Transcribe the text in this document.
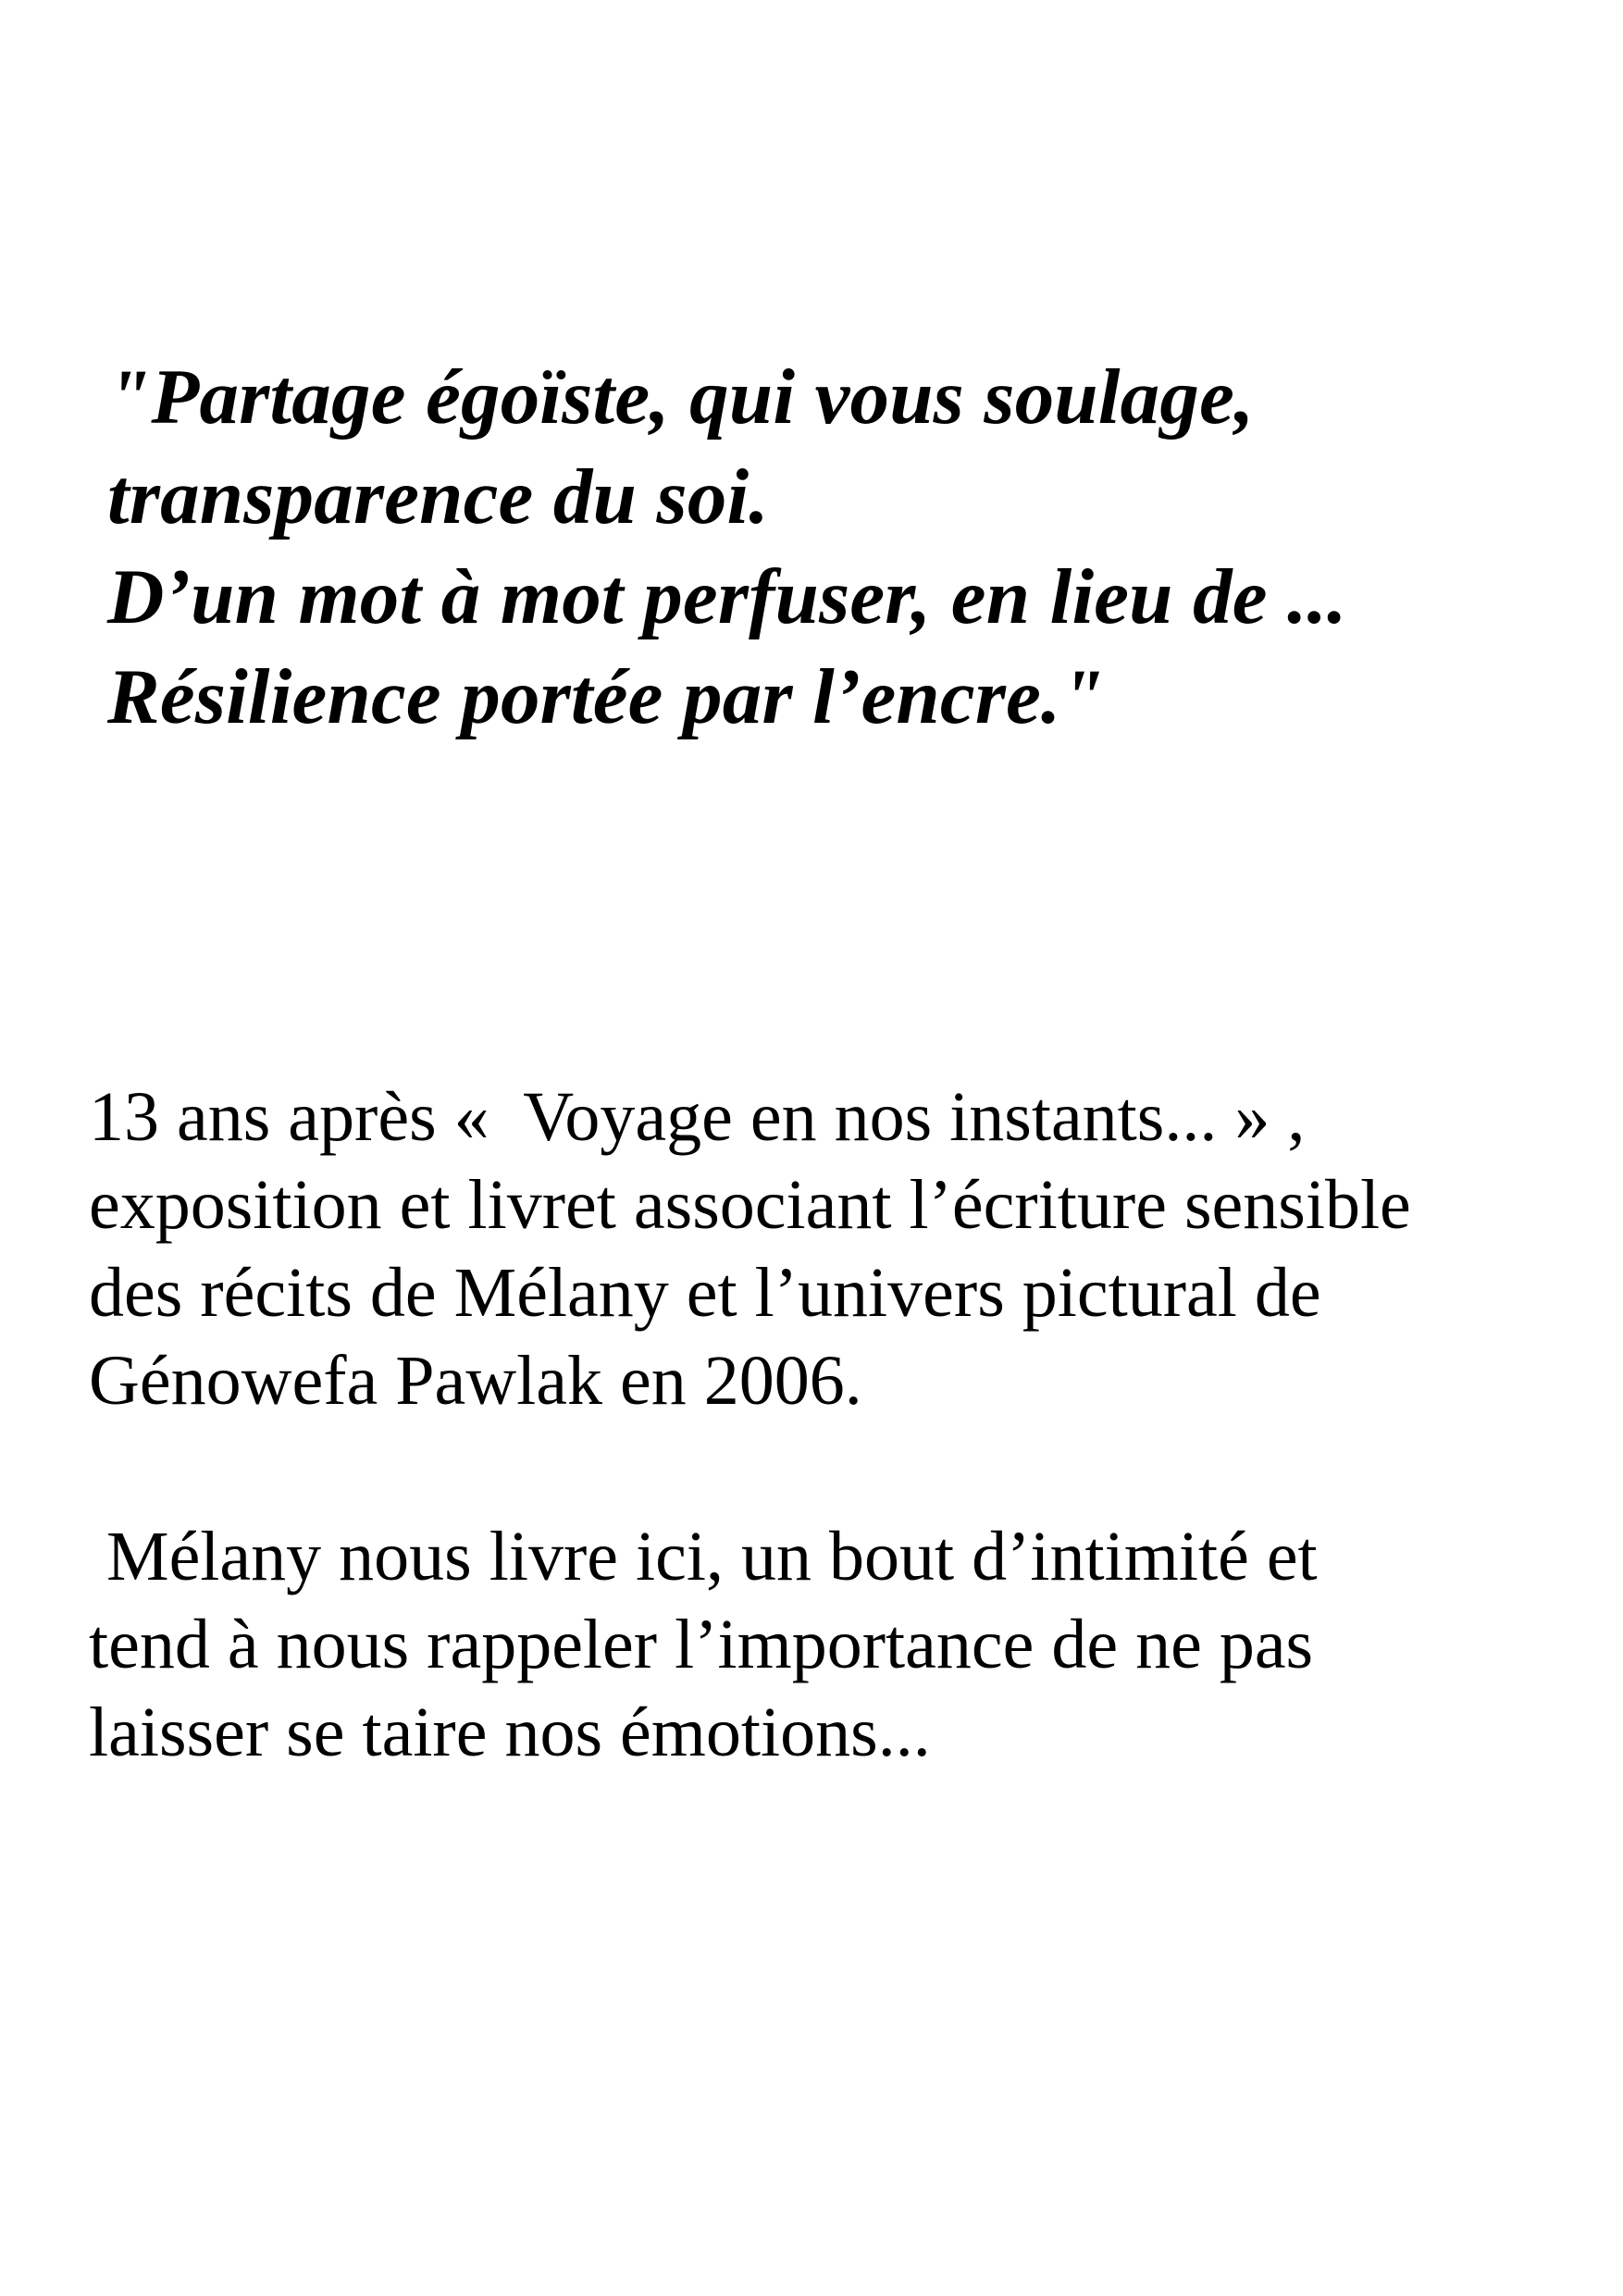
"Partage égoïste, qui vous soulage,
transparence du soi.
D’un mot à mot perfuser, en lieu de ...
Résilience portée par l’encre."
13 ans après «  Voyage en nos instants... » ,
exposition et livret associant l’écriture sensible
des récits de Mélany et l’univers pictural de
Génowefa Pawlak en 2006.
Mélany nous livre ici, un bout d’intimité et
tend à nous rappeler l’importance de ne pas
laisser se taire nos émotions...
